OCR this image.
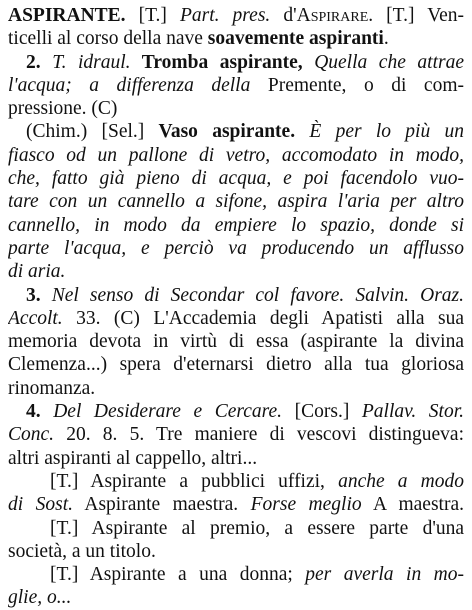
ASPIRANTE. [T.] Part. pres. d'Aspirare. [T.] Ven-
ticelli al corso della nave soavemente aspiranti.
2. T. idraul. Tromba aspirante, Quella che attrae
l'acqua; a differenza della Premente, o di com-
pressione. (C)
(Chim.) [Sel.] Vaso aspirante. È per lo più un
fiasco od un pallone di vetro, accomodato in modo,
che, fatto già pieno di acqua, e poi facendolo vuo-
tare con un cannello a sifone, aspira l'aria per altro
cannello, in modo da empiere lo spazio, donde si
parte l'acqua, e perciò va producendo un afflusso
di aria.
3. Nel senso di Secondar col favore. Salvin. Oraz.
Accolt. 33. (C) L'Accademia degli Apatisti alla sua
memoria devota in virtù di essa (aspirante la divina
Clemenza...) spera d'eternarsi dietro alla tua gloriosa
rinomanza.
4. Del Desiderare e Cercare. [Cors.] Pallav. Stor.
Conc. 20. 8. 5. Tre maniere di vescovi distingueva:
altri aspiranti al cappello, altri...
[T.] Aspirante a pubblici uffizi, anche a modo
di Sost. Aspirante maestra. Forse meglio A maestra.
[T.] Aspirante al premio, a essere parte d'una
società, a un titolo.
[T.] Aspirante a una donna; per averla in mo-
glie, o...
